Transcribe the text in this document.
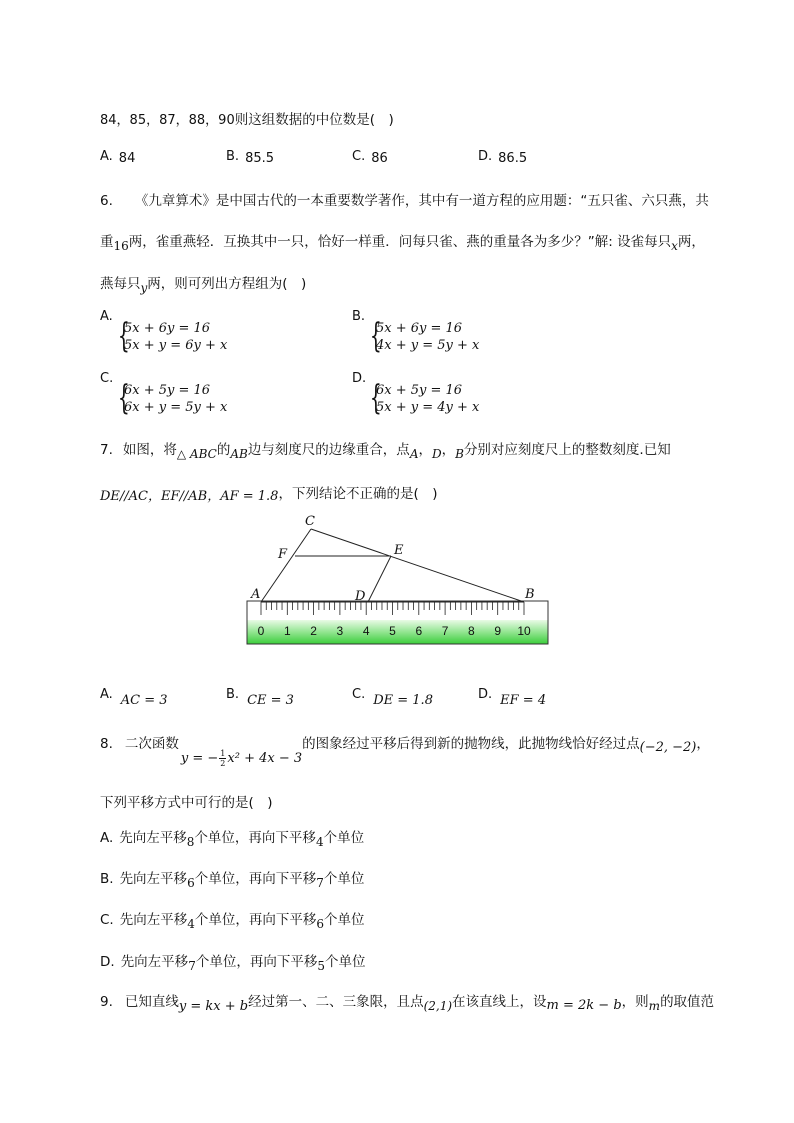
84，85，87，88，90则这组数据的中位数是(　)
A. 84	B. 85.5	C. 86	D. 86.5
6. 《九章算术》是中国古代的一本重要数学著作，其中有一道方程的应用题：“五只雀、六只燕，共
重16两，雀重燕轻．互换其中一只，恰好一样重．问每只雀、燕的重量各为多少？”解: 设雀每只x两，
燕每只y两，则可列出方程组为(　)
A. {
5x + 6y = 16
5x + y = 6y + x
B. {
5x + 6y = 16
4x + y = 5y + x
C. {
6x + 5y = 16
6x + y = 5y + x
D. {
6x + 5y = 16
5x + y = 4y + x
7. 如图，将△ ABC的AB边与刻度尺的边缘重合，点A，D，B分别对应刻度尺上的整数刻度.已知
DE//AC，EF//AB，AF = 1.8，下列结论不正确的是(　)
0 1 2 3 4 5 6 7 8 9 10
C
F	E
A	D	B
A. AC = 3	B. CE = 3	C. DE = 1.8	D. EF = 4
8. 二次函数y = − $\frac{1}{2} x^2 + 4x - 3$的图象经过平移后得到新的抛物线，此抛物线恰好经过点(−2, −2)，
下列平移方式中可行的是(　)
A. 先向左平移8个单位，再向下平移4个单位
B. 先向左平移6个单位，再向下平移7个单位
C. 先向左平移4个单位，再向下平移6个单位
D. 先向左平移7个单位，再向下平移5个单位
9. 已知直线y = kx + b经过第一、二、三象限，且点(2,1)在该直线上，设m = 2k − b，则m的取值范
